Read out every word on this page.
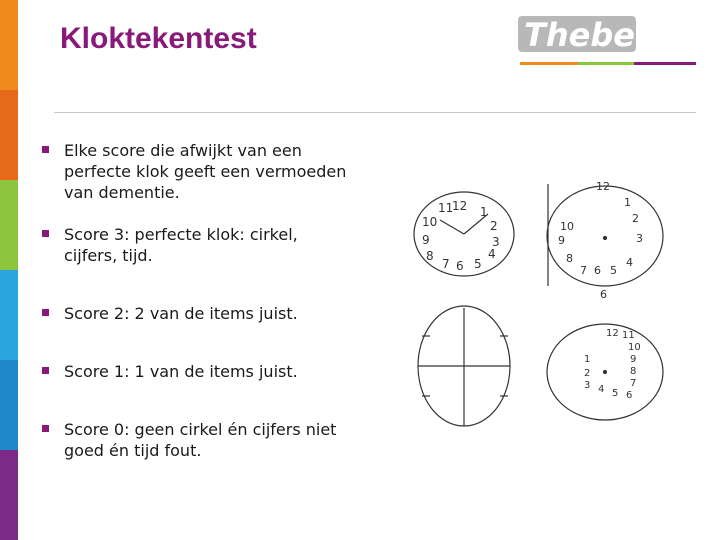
Kloktekentest	Thebe
Elke score die afwijkt van een perfecte klok geeft een vermoeden van dementie.
Score 3: perfecte klok: cirkel, cijfers, tijd.
Score 2: 2 van de items juist.
Score 1: 1 van de items juist.
Score 0: geen cirkel én cijfers niet goed én tijd fout.
12 1
2
3
4
5
6
7
8
9
10
11
12
1
2
3
4
5
6
7
8
9
10
6
12 11
10
9
8
7
6
5
4
3
2
1
